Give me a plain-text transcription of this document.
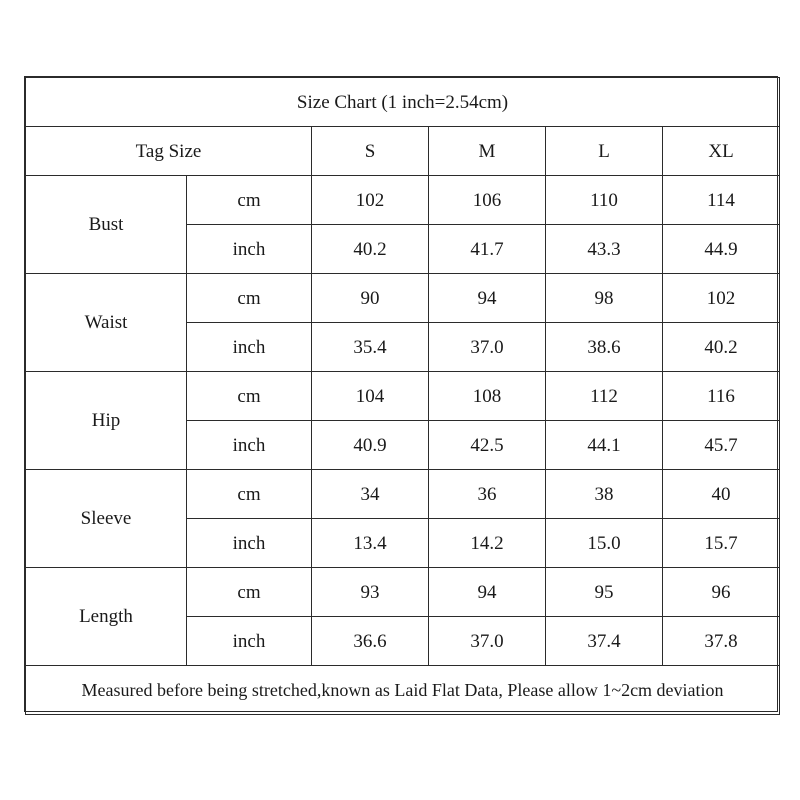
Size Chart (1 inch=2.54cm)					
Tag Size		S	M	L	XL
Bust	cm	102	106	110	114
	inch	40.2	41.7	43.3	44.9
Waist	cm	90	94	98	102
	inch	35.4	37.0	38.6	40.2
Hip	cm	104	108	112	116
	inch	40.9	42.5	44.1	45.7
Sleeve	cm	34	36	38	40
	inch	13.4	14.2	15.0	15.7
Length	cm	93	94	95	96
	inch	36.6	37.0	37.4	37.8
Measured before being stretched,known as Laid Flat Data, Please allow 1~2cm deviation					
